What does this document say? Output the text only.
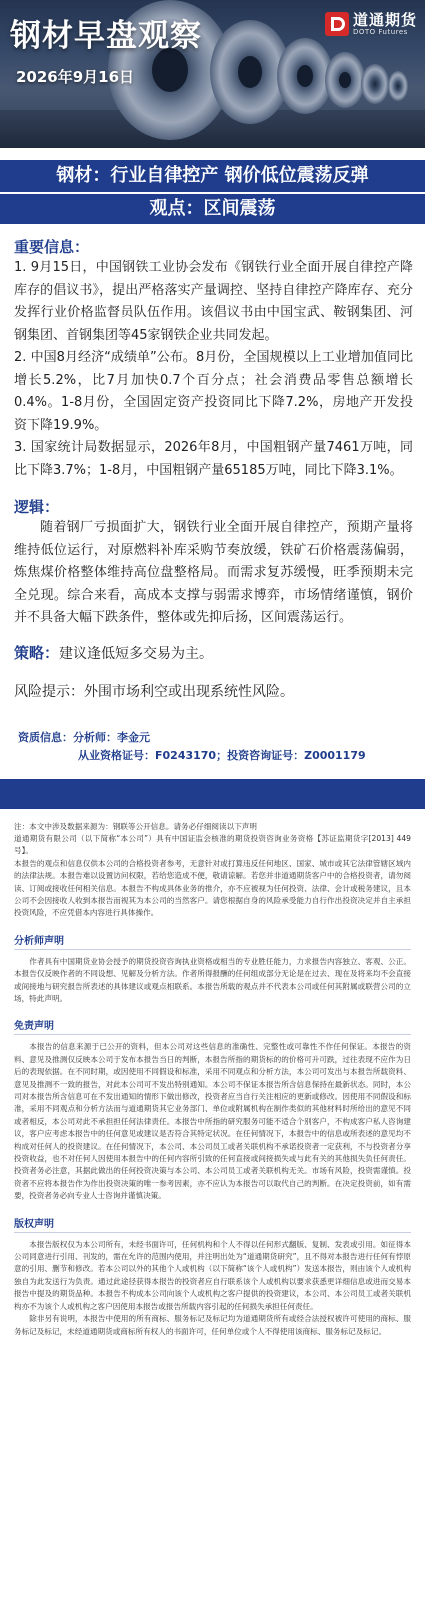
钢材早盘观察
2026年9月16日
道通期货
DOTO Futures
钢材：行业自律控产 钢价低位震荡反弹
观点：区间震荡
重要信息：

1. 9月15日，中国钢铁工业协会发布《钢铁行业全面开展自律控产降库存的倡议书》，提出严格落实产量调控、坚持自律控产降库存、充分发挥行业价格监督员队伍作用。该倡议书由中国宝武、鞍钢集团、河钢集团、首钢集团等45家钢铁企业共同发起。

2. 中国8月经济“成绩单”公布。8月份，全国规模以上工业增加值同比增长5.2%，比7月加快0.7个百分点；社会消费品零售总额增长0.4%。1-8月份，全国固定资产投资同比下降7.2%，房地产开发投资下降19.9%。

3. 国家统计局数据显示，2026年8月，中国粗钢产量7461万吨，同比下降3.7%；1-8月，中国粗钢产量65185万吨，同比下降3.1%。

逻辑：

随着钢厂亏损面扩大，钢铁行业全面开展自律控产，预期产量将维持低位运行，对原燃料补库采购节奏放缓，铁矿石价格震荡偏弱，炼焦煤价格整体维持高位盘整格局。而需求复苏缓慢，旺季预期未完全兑现。综合来看，高成本支撑与弱需求博弈，市场情绪谨慎，钢价并不具备大幅下跌条件，整体或先抑后扬，区间震荡运行。

策略：建议逢低短多交易为主。
风险提示：外围市场利空或出现系统性风险。
资质信息：分析师：李金元
从业资格证号：F0243170；投资咨询证号：Z0001179

注：本文中涉及数据来源为：钢联等公开信息。请务必仔细阅读以下声明

道通期货有限公司（以下简称“本公司”）具有中国证监会核准的期货投资咨询业务资格【苏证监期货字[2013] 449号】。

本报告的观点和信息仅供本公司的合格投资者参考，无意针对或打算违反任何地区、国家、城市或其它法律管辖区域内的法律法规。本报告难以设置访问权限，若给您造成不便，敬请谅解。若您并非道通期货客户中的合格投资者，请勿阅读、订阅或接收任何相关信息。本报告不构成具体业务的推介，亦不应被视为任何投资、法律、会计或税务建议，且本公司不会因接收人收到本报告而视其为本公司的当然客户。请您根据自身的风险承受能力自行作出投资决定并自主承担投资风险，不应凭借本内容进行具体操作。

分析师声明

作者具有中国期货业协会授予的期货投资咨询执业资格或相当的专业胜任能力，力求报告内容独立、客观、公正。本报告仅反映作者的不同设想、见解及分析方法。作者所得报酬的任何组成部分无论是在过去、现在及将来均不会直接或间接地与研究报告所表述的具体建议或观点相联系。本报告所载的观点并不代表本公司或任何其附属或联营公司的立场，特此声明。

免责声明

本报告的信息来源于已公开的资料，但本公司对这些信息的准确性、完整性或可靠性不作任何保证。本报告的资料、意见及推测仅反映本公司于发布本报告当日的判断，本报告所指的期货标的的价格可升可跌，过往表现不应作为日后的表现依据。在不同时期，或因使用不同假设和标准，采用不同观点和分析方法，本公司可发出与本报告所载资料、意见及推测不一致的报告，对此本公司可不发出特别通知。本公司不保证本报告所含信息保持在最新状态。同时，本公司对本报告所含信息可在不发出通知的情形下做出修改，投资者应当自行关注相应的更新或修改。因使用不同假设和标准，采用不同观点和分析方法而与道通期货其它业务部门、单位或附属机构在制作类似的其他材料时所给出的意见不同或者相反，本公司对此不承担担任何法律责任。本报告中所指的研究服务可能不适合个别客户，不构成客户私人咨询建议，客户应考虑本报告中的任何意见或建议是否符合其特定状况。在任何情况下，本报告中的信息或所表述的意见均不构成对任何人的投资建议。在任何情况下，本公司、本公司员工或者关联机构不承诺投资者一定获利，不与投资者分享投资收益，也不对任何人因使用本报告中的任何内容所引致的任何直接或间接损失或与此有关的其他损失负任何责任。投资者务必注意，其据此做出的任何投资决策与本公司、本公司员工或者关联机构无关。市场有风险，投资需谨慎。投资者不应将本报告作为作出投资决策的唯一参考因素，亦不应认为本报告可以取代自己的判断。在决定投资前，如有需要，投资者务必向专业人士咨询并谨慎决策。

版权声明

本报告版权仅为本公司所有，未经书面许可，任何机构和个人不得以任何形式翻版、复制、发表或引用。如征得本公司同意进行引用、刊发的，需在允许的范围内使用，并注明出处为“道通期货研究”，且不得对本报告进行任何有悖原意的引用、删节和修改。若本公司以外的其他个人或机构（以下简称“该个人或机构”）发送本报告，则由该个人或机构独自为此发送行为负责。通过此途径获得本报告的投资者应自行联系该个人或机构以要求获悉更详细信息或进而交易本报告中提及的期货品种。本报告不构成本公司向该个人或机构之客户提供的投资建议，本公司、本公司员工或者关联机构亦不为该个人或机构之客户因使用本报告或报告所载内容引起的任何损失承担任何责任。

除非另有说明，本报告中使用的所有商标、服务标记及标记均为道通期货所有或经合法授权被许可使用的商标、服务标记及标记，未经道通期货或商标所有权人的书面许可，任何单位或个人不得使用该商标、服务标记及标记。
